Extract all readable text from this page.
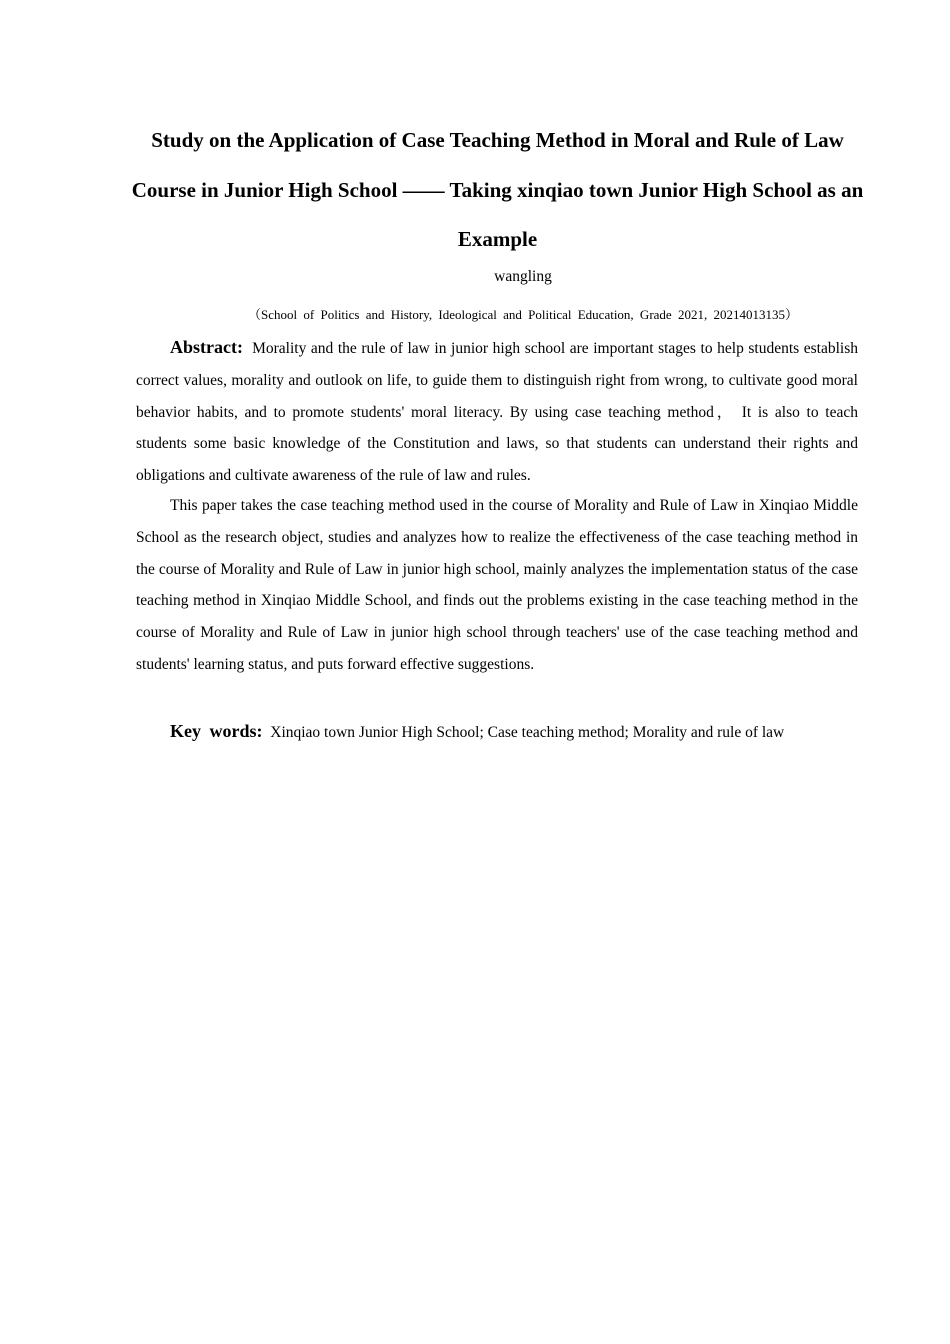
Study on the Application of Case Teaching Method in Moral and Rule of Law Course in Junior High School —— Taking xinqiao town Junior High School as an Example
wangling
（School of Politics and History, Ideological and Political Education, Grade 2021, 20214013135）

Abstract: Morality and the rule of law in junior high school are important stages to help students establish correct values, morality and outlook on life, to guide them to distinguish right from wrong, to cultivate good moral behavior habits, and to promote students' moral literacy. By using case teaching method， It is also to teach students some basic knowledge of the Constitution and laws, so that students can understand their rights and obligations and cultivate awareness of the rule of law and rules.

This paper takes the case teaching method used in the course of Morality and Rule of Law in Xinqiao Middle School as the research object, studies and analyzes how to realize the effectiveness of the case teaching method in the course of Morality and Rule of Law in junior high school, mainly analyzes the implementation status of the case teaching method in Xinqiao Middle School, and finds out the problems existing in the case teaching method in the course of Morality and Rule of Law in junior high school through teachers' use of the case teaching method and students' learning status, and puts forward effective suggestions.

Key words: Xinqiao town Junior High School; Case teaching method; Morality and rule of law
